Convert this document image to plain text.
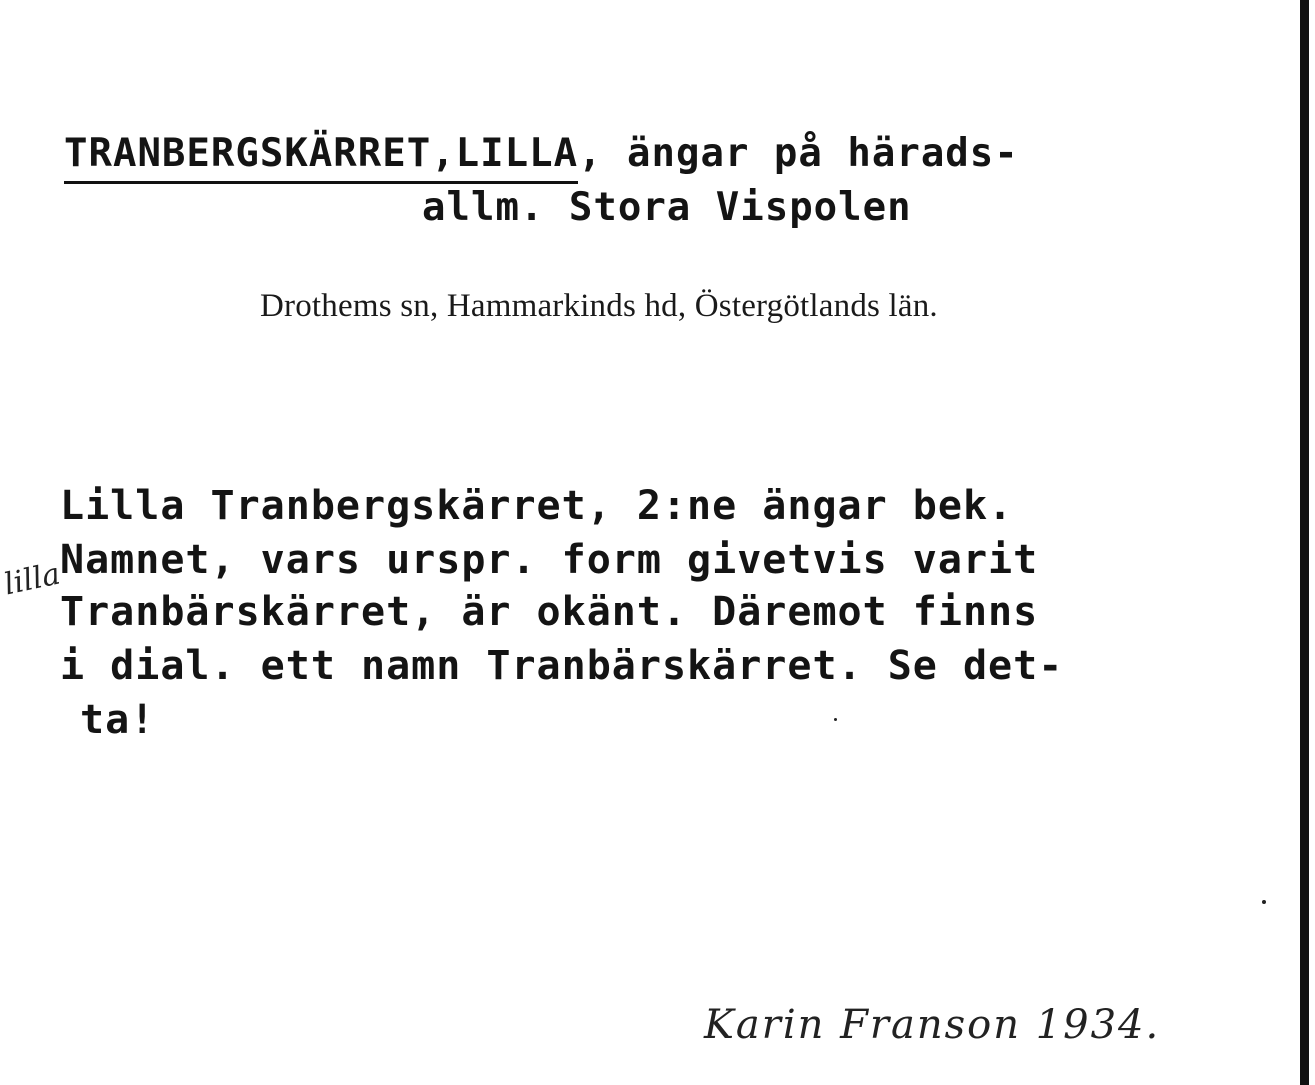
TRANBERGSKÄRRET,LILLA, ängar på härads-
allm. Stora Vispolen
Drothems sn, Hammarkinds hd, Östergötlands län.
Lilla Tranbergskärret, 2:ne ängar bek.
Namnet, vars urspr. form givetvis varit
Tranbärskärret, är okänt. Däremot finns
i dial. ett namn Tranbärskärret. Se det-
ta!
lilla
Karin Franson 1934.
